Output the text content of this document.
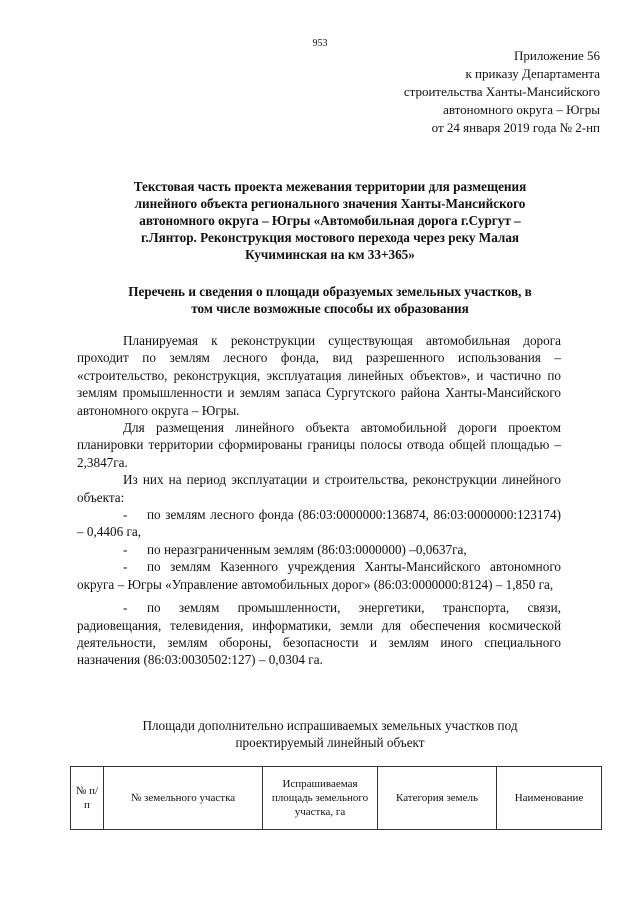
953
Приложение 56
к приказу Департамента
строительства Ханты-Мансийского
автономного округа – Югры
от 24 января 2019 года № 2-нп
Текстовая часть проекта межевания территории для размещения
линейного объекта регионального значения Ханты-Мансийского
автономного округа – Югры «Автомобильная дорога г.Сургут –
г.Лянтор. Реконструкция мостового перехода через реку Малая
Кучиминская на км 33+365»
Перечень и сведения о площади образуемых земельных участков, в
том числе возможные способы их образования

Планируемая к реконструкции существующая автомобильная дорога проходит по землям лесного фонда, вид разрешенного использования – «строительство, реконструкция, эксплуатация линейных объектов», и частично по землям промышленности и землям запаса Сургутского района Ханты-Мансийского автономного округа – Югры.

Для размещения линейного объекта автомобильной дороги проектом планировки территории сформированы границы полосы отвода общей площадью – 2,3847га.

Из них на период эксплуатации и строительства, реконструкции линейного объекта:

- по землям лесного фонда (86:03:0000000:136874, 86:03:0000000:123174) – 0,4406 га,

- по неразграниченным землям (86:03:0000000) –0,0637га,

- по землям Казенного учреждения Ханты-Мансийского автономного округа – Югры «Управление автомобильных дорог» (86:03:0000000:8124) – 1,850 га,

- по землям промышленности, энергетики, транспорта, связи, радиовещания, телевидения, информатики, земли для обеспечения космической деятельности, землям обороны, безопасности и землям иного специального назначения (86:03:0030502:127) – 0,0304 га.

Площади дополнительно испрашиваемых земельных участков под
проектируемый линейный объект
№ п/п	№ земельного участка	Испрашиваемая площадь земельного участка, га	Категория земель	Наименование
